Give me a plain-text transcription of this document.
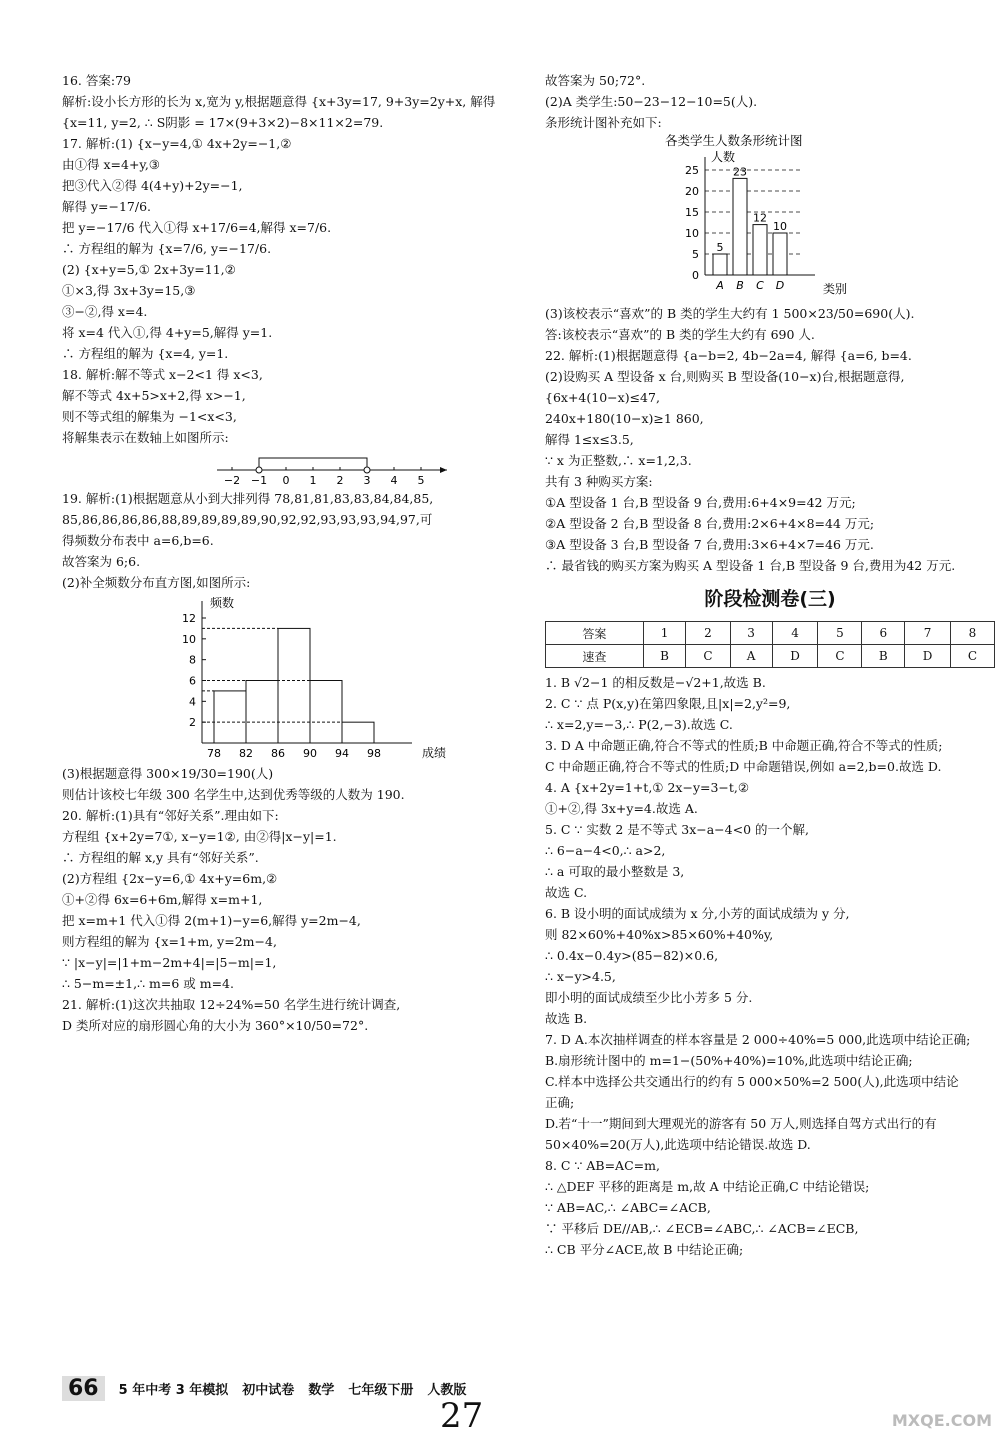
16. 答案:79
解析:设小长方形的长为 x,宽为 y,根据题意得 {x+3y=17, 9+3y=2y+x, 解得
{x=11, y=2, ∴ S阴影 = 17×(9+3×2)−8×11×2=79.
17. 解析:(1) {x−y=4,① 4x+2y=−1,②
由①得 x=4+y,③
把③代入②得 4(4+y)+2y=−1,
解得 y=−17/6.
把 y=−17/6 代入①得 x+17/6=4,解得 x=7/6.
∴ 方程组的解为 {x=7/6, y=−17/6.
(2) {x+y=5,① 2x+3y=11,②
①×3,得 3x+3y=15,③
③−②,得 x=4.
将 x=4 代入①,得 4+y=5,解得 y=1.
∴ 方程组的解为 {x=4, y=1.
18. 解析:解不等式 x−2<1 得 x<3,
解不等式 4x+5>x+2,得 x>−1,
则不等式组的解集为 −1<x<3,
将解集表示在数轴上如图所示:
−2 −1 0 1 2 3 4 5
19. 解析:(1)根据题意从小到大排列得 78,81,81,83,83,84,84,85,
85,86,86,86,86,88,89,89,89,89,90,92,92,93,93,93,94,97,可
得频数分布表中 a=6,b=6.
故答案为 6;6.
(2)补全频数分布直方图,如图所示:
2
4
6
8
10
12
78 82 86 90 94 98
频数
成绩
(3)根据题意得 300×19/30=190(人)
则估计该校七年级 300 名学生中,达到优秀等级的人数为 190.
20. 解析:(1)具有“邻好关系”.理由如下:
方程组 {x+2y=7①, x−y=1②, 由②得|x−y|=1.
∴ 方程组的解 x,y 具有“邻好关系”.
(2)方程组 {2x−y=6,① 4x+y=6m,②
①+②得 6x=6+6m,解得 x=m+1,
把 x=m+1 代入①得 2(m+1)−y=6,解得 y=2m−4,
则方程组的解为 {x=1+m, y=2m−4,
∵ |x−y|=|1+m−2m+4|=|5−m|=1,
∴ 5−m=±1,∴ m=6 或 m=4.
21. 解析:(1)这次共抽取 12÷24%=50 名学生进行统计调查,
D 类所对应的扇形圆心角的大小为 360°×10/50=72°.
故答案为 50;72°.
(2)A 类学生:50−23−12−10=5(人).
条形统计图补充如下:
各类学生人数条形统计图
0
5
10
15
20
25
5
A
23
B
12
C
10
D
人数
类别
(3)该校表示“喜欢”的 B 类的学生大约有 1 500×23/50=690(人).
答:该校表示“喜欢”的 B 类的学生大约有 690 人.
22. 解析:(1)根据题意得 {a−b=2, 4b−2a=4, 解得 {a=6, b=4.
(2)设购买 A 型设备 x 台,则购买 B 型设备(10−x)台,根据题意得,
{6x+4(10−x)≤47,
240x+180(10−x)≥1 860,
解得 1≤x≤3.5,
∵ x 为正整数,∴ x=1,2,3.
共有 3 种购买方案:
①A 型设备 1 台,B 型设备 9 台,费用:6+4×9=42 万元;
②A 型设备 2 台,B 型设备 8 台,费用:2×6+4×8=44 万元;
③A 型设备 3 台,B 型设备 7 台,费用:3×6+4×7=46 万元.
∴ 最省钱的购买方案为购买 A 型设备 1 台,B 型设备 9 台,费用为42 万元.
阶段检测卷(三)
答案	1	2	3	4	5	6	7	8
速查	B	C	A	D	C	B	D	C
1. B √2−1 的相反数是−√2+1,故选 B.
2. C ∵ 点 P(x,y)在第四象限,且|x|=2,y²=9,
∴ x=2,y=−3,∴ P(2,−3).故选 C.
3. D A 中命题正确,符合不等式的性质;B 中命题正确,符合不等式的性质;
C 中命题正确,符合不等式的性质;D 中命题错误,例如 a=2,b=0.故选 D.
4. A {x+2y=1+t,① 2x−y=3−t,②
①+②,得 3x+y=4.故选 A.
5. C ∵ 实数 2 是不等式 3x−a−4<0 的一个解,
∴ 6−a−4<0,∴ a>2,
∴ a 可取的最小整数是 3,
故选 C.
6. B 设小明的面试成绩为 x 分,小芳的面试成绩为 y 分,
则 82×60%+40%x>85×60%+40%y,
∴ 0.4x−0.4y>(85−82)×0.6,
∴ x−y>4.5,
即小明的面试成绩至少比小芳多 5 分.
故选 B.
7. D A.本次抽样调查的样本容量是 2 000÷40%=5 000,此选项中结论正确;
B.扇形统计图中的 m=1−(50%+40%)=10%,此选项中结论正确;
C.样本中选择公共交通出行的约有 5 000×50%=2 500(人),此选项中结论
正确;
D.若“十一”期间到大理观光的游客有 50 万人,则选择自驾方式出行的有
50×40%=20(万人),此选项中结论错误.故选 D.
8. C ∵ AB=AC=m,
∴ △DEF 平移的距离是 m,故 A 中结论正确,C 中结论错误;
∵ AB=AC,∴ ∠ABC=∠ACB,
∵ 平移后 DE//AB,∴ ∠ECB=∠ABC,∴ ∠ACB=∠ECB,
∴ CB 平分∠ACE,故 B 中结论正确;
66	5 年中考 3 年模拟 初中试卷 数学 七年级下册 人教版
27	MXQE.COM
